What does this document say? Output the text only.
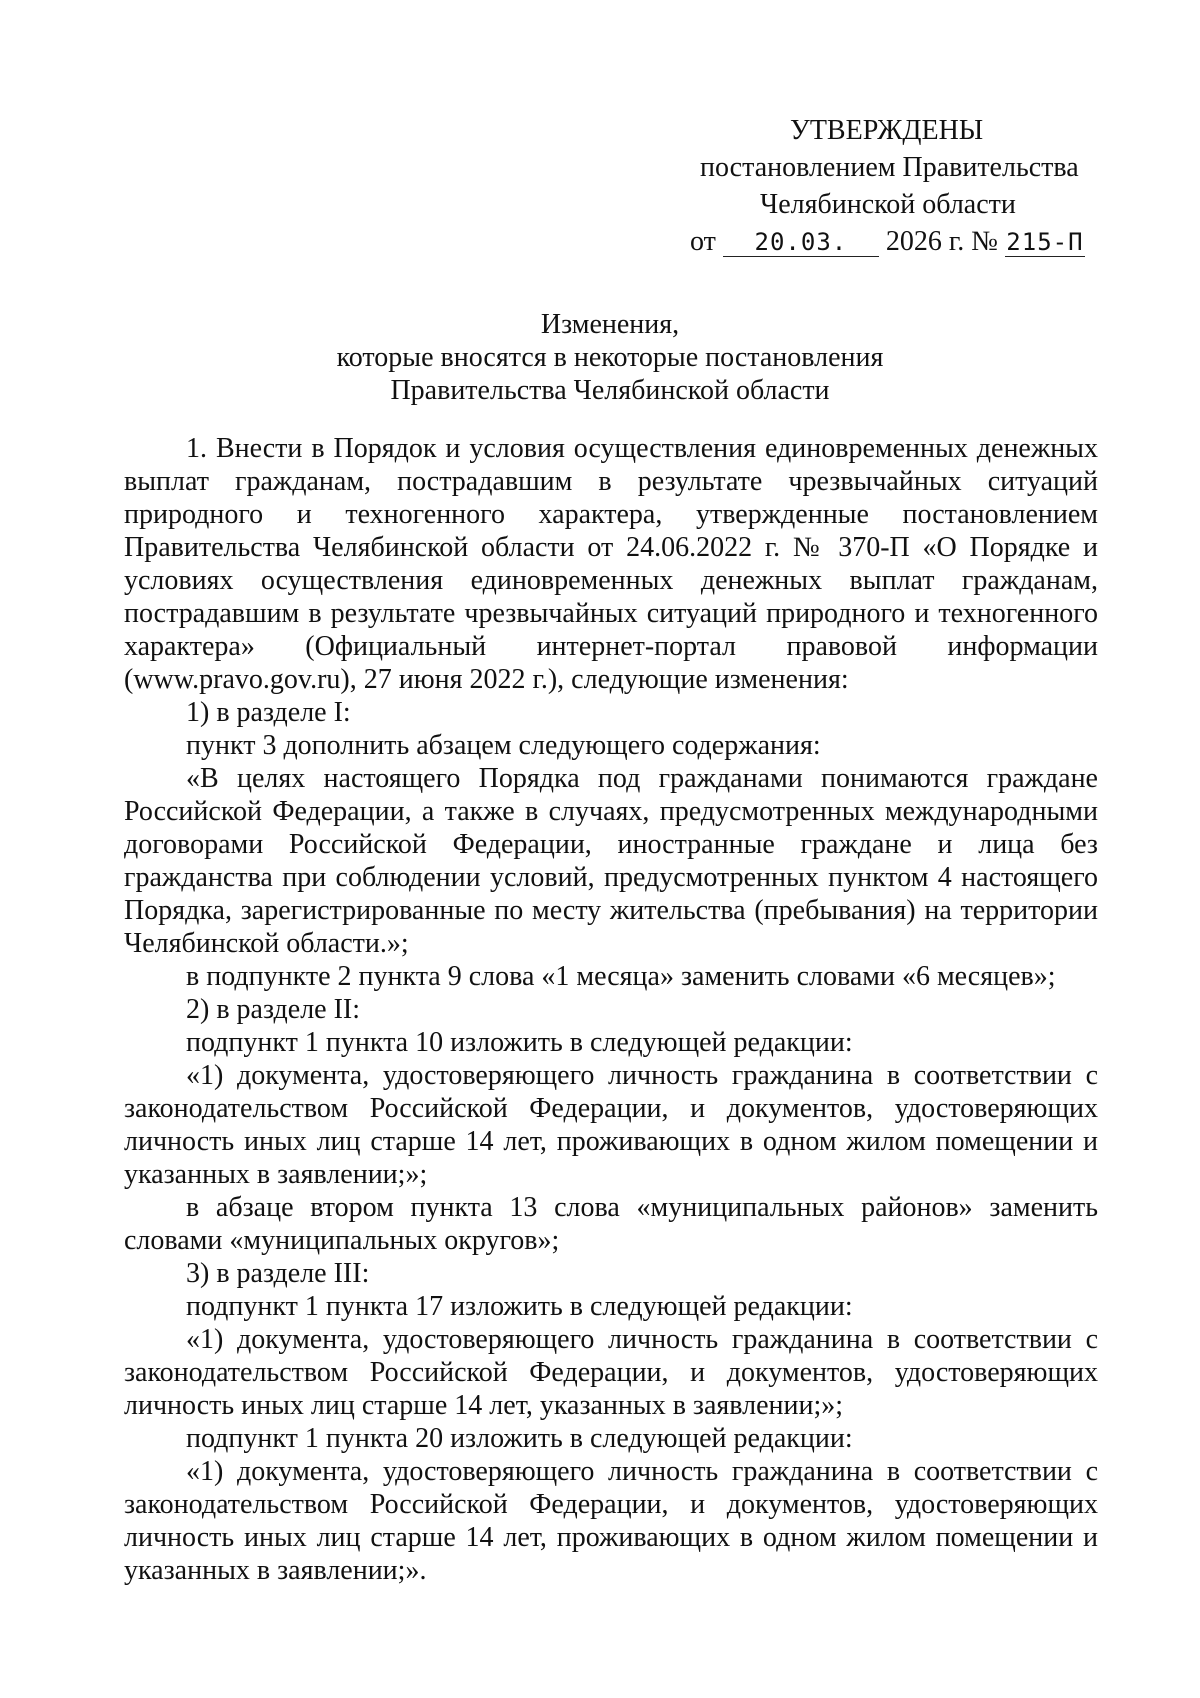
УТВЕРЖДЕНЫ
постановлением Правительства
Челябинской области
от 20.03. 2026 г. № 215-П
Изменения,
которые вносятся в некоторые постановления
Правительства Челябинской области

1. Внести в Порядок и условия осуществления единовременных денежных выплат гражданам, пострадавшим в результате чрезвычайных ситуаций природного и техногенного характера, утвержденные постановлением Правительства Челябинской области от 24.06.2022 г. № 370-П «О Порядке и условиях осуществления единовременных денежных выплат гражданам, пострадавшим в результате чрезвычайных ситуаций природного и техногенного характера» (Официальный интернет-портал правовой информации (www.pravo.gov.ru), 27 июня 2022 г.), следующие изменения:

1) в разделе I:

пункт 3 дополнить абзацем следующего содержания:

«В целях настоящего Порядка под гражданами понимаются граждане Российской Федерации, а также в случаях, предусмотренных международными договорами Российской Федерации, иностранные граждане и лица без гражданства при соблюдении условий, предусмотренных пунктом 4 настоящего Порядка, зарегистрированные по месту жительства (пребывания) на территории Челябинской области.»;

в подпункте 2 пункта 9 слова «1 месяца» заменить словами «6 месяцев»;

2) в разделе II:

подпункт 1 пункта 10 изложить в следующей редакции:

«1) документа, удостоверяющего личность гражданина в соответствии с законодательством Российской Федерации, и документов, удостоверяющих личность иных лиц старше 14 лет, проживающих в одном жилом помещении и указанных в заявлении;»;

в абзаце втором пункта 13 слова «муниципальных районов» заменить словами «муниципальных округов»;

3) в разделе III:

подпункт 1 пункта 17 изложить в следующей редакции:

«1) документа, удостоверяющего личность гражданина в соответствии с законодательством Российской Федерации, и документов, удостоверяющих личность иных лиц старше 14 лет, указанных в заявлении;»;

подпункт 1 пункта 20 изложить в следующей редакции:

«1) документа, удостоверяющего личность гражданина в соответствии с законодательством Российской Федерации, и документов, удостоверяющих личность иных лиц старше 14 лет, проживающих в одном жилом помещении и указанных в заявлении;».
